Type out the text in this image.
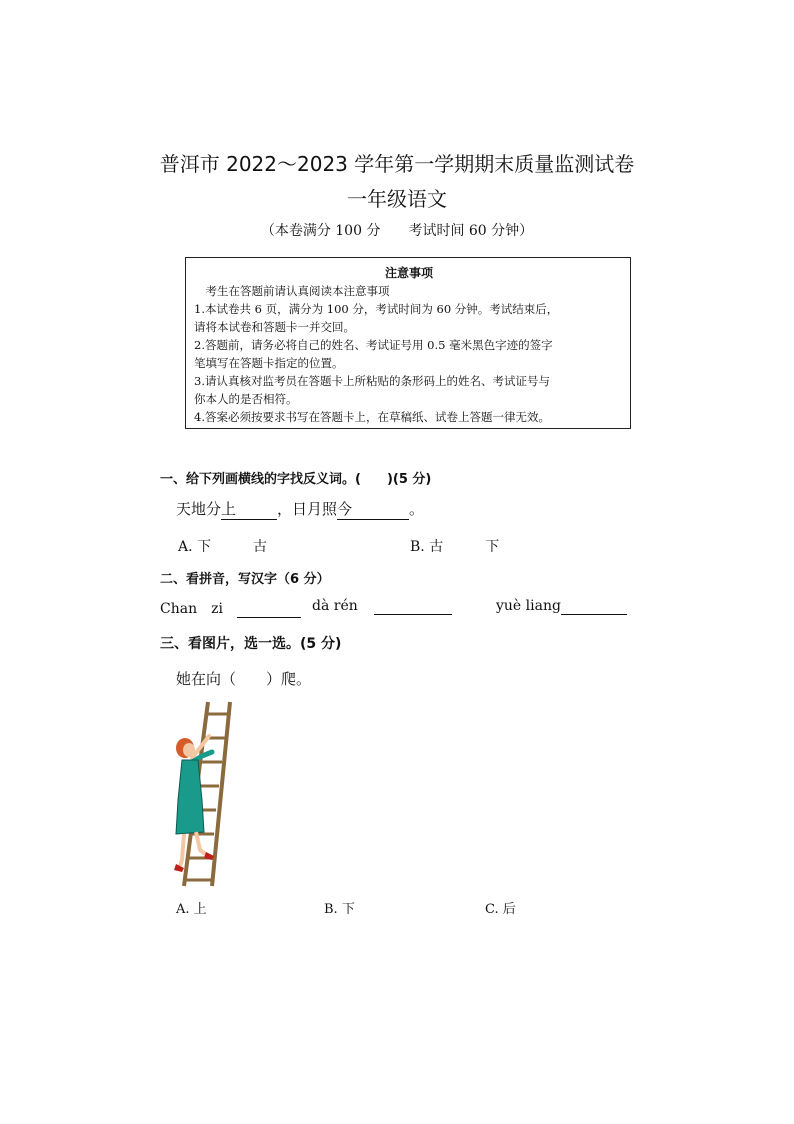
普洱市 2022～2023 学年第一学期期末质量监测试卷
一年级语文
（本卷满分 100 分　　考试时间 60 分钟）
注意事项
　考生在答题前请认真阅读本注意事项
1.本试卷共 6 页，满分为 100 分，考试时间为 60 分钟。考试结束后，
请将本试卷和答题卡一并交回。
2.答题前，请务必将自己的姓名、考试证号用 0.5 毫米黑色字迹的签字
笔填写在答题卡指定的位置。
3.请认真核对监考员在答题卡上所粘贴的条形码上的姓名、考试证号与
你本人的是否相符。
4.答案必须按要求书写在答题卡上，在草稿纸、试卷上答题一律无效。
一、给下列画横线的字找反义词。(　　)(5 分)
天地分上	，日月照今	。
A. 下　　　古	B. 古　　　下
二、看拼音，写汉字（6 分）
Chan　zi	dà rén	yuè liang
三、看图片，选一选。(5 分)
她在向（　　）爬。
A. 上	B. 下	C. 后
